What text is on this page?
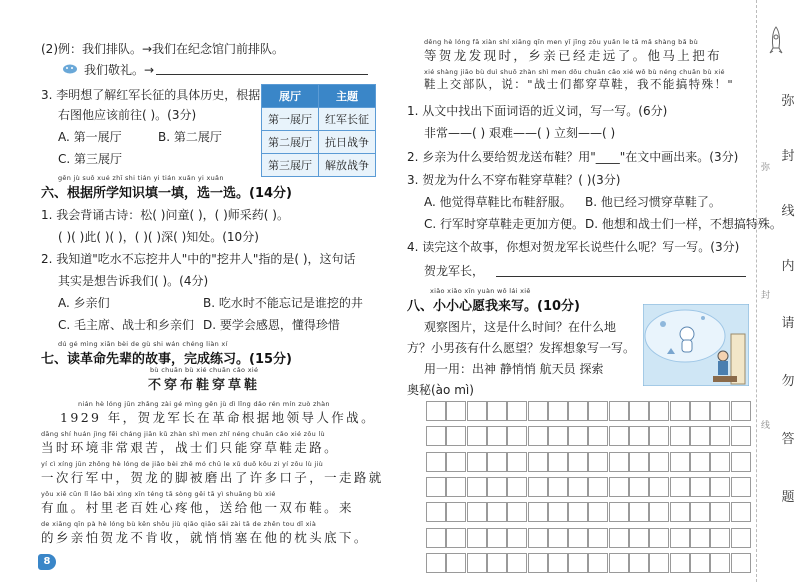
(2)例：我们排队。→我们在纪念馆门前排队。
我们敬礼。→
3. 李明想了解红军长征的具体历史，根据
右图他应该前往( )。(3分)
A. 第一展厅	B. 第二展厅
C. 第三展厅
展厅	主题
第一展厅	红军长征
第二展厅	抗日战争
第三展厅	解放战争
gēn jù suǒ xué zhī shi tián yi tián xuǎn yi xuǎn
六、根据所学知识填一填，选一选。(14分)
1. 我会背诵古诗：松( )问童( )，( )师采药( )。
( )( )此( )( )，( )( )深( )知处。(10分)
2. 我知道"吃水不忘挖井人"中的"挖井人"指的是( )，这句话
其实是想告诉我们( )。(4分)
A. 乡亲们	B. 吃水时不能忘记是谁挖的井
C. 毛主席、战士和乡亲们 D. 要学会感恩，懂得珍惜
dú gé mìng xiān bèi de gù shi wán chéng liàn xí
七、读革命先辈的故事，完成练习。(15分)
bù chuān bù xié chuān cǎo xié
不穿布鞋穿草鞋
nián hè lóng jūn zhǎng zài gé mìng gēn jù dì lǐng dǎo rén mín zuò zhàn
1929 年，贺龙军长在革命根据地领导人作战。
dāng shí huán jìng fēi cháng jiān kǔ zhàn shì men zhǐ néng chuān cǎo xié zǒu lù
当时环境非常艰苦，战士们只能穿草鞋走路。
yí cì xíng jūn zhōng hè lóng de jiǎo bèi zhē mó chū le xǔ duō kǒu zi yí zǒu lù jiù
一次行军中，贺龙的脚被磨出了许多口子，一走路就
yǒu xiě cūn lǐ lǎo bǎi xìng xīn téng tā sòng gěi tā yì shuāng bù xié
有血。村里老百姓心疼他，送给他一双布鞋。来
de xiāng qīn pà hè lóng bù kěn shōu jiù qiāo qiāo sāi zài tā de zhěn tou dǐ xià
的乡亲怕贺龙不肯收，就悄悄塞在他的枕头底下。
8
děng hè lóng fā xiàn shí xiāng qīn men yǐ jīng zǒu yuǎn le tā mǎ shàng bǎ bù
等贺龙发现时，乡亲已经走远了。他马上把布
xié shàng jiāo bù duì shuō zhàn shì men dōu chuān cǎo xié wǒ bù néng chuān bù xié
鞋上交部队，说："战士们都穿草鞋，我不能搞特殊！"
1. 从文中找出下面词语的近义词，写一写。(6分)
非常——( ) 艰难——( ) 立刻——( )
2. 乡亲为什么要给贺龙送布鞋？用"____"在文中画出来。(3分)
3. 贺龙为什么不穿布鞋穿草鞋？( )(3分)
A. 他觉得草鞋比布鞋舒服。 B. 他已经习惯穿草鞋了。
C. 行军时穿草鞋走更加方便。 D. 他想和战士们一样，不想搞特殊。
4. 读完这个故事，你想对贺龙军长说些什么呢？写一写。(3分)
贺龙军长，
xiǎo xiǎo xīn yuàn wǒ lái xiě
八、小小心愿我来写。(10分)
观察图片，这是什么时间？在什么地
方？小男孩有什么愿望？发挥想象写一写。
用一用：出神 静悄悄 航天员 探索
奥秘(ào mì)
弥
封
线
内
请
勿
答
题
弥
封
线
